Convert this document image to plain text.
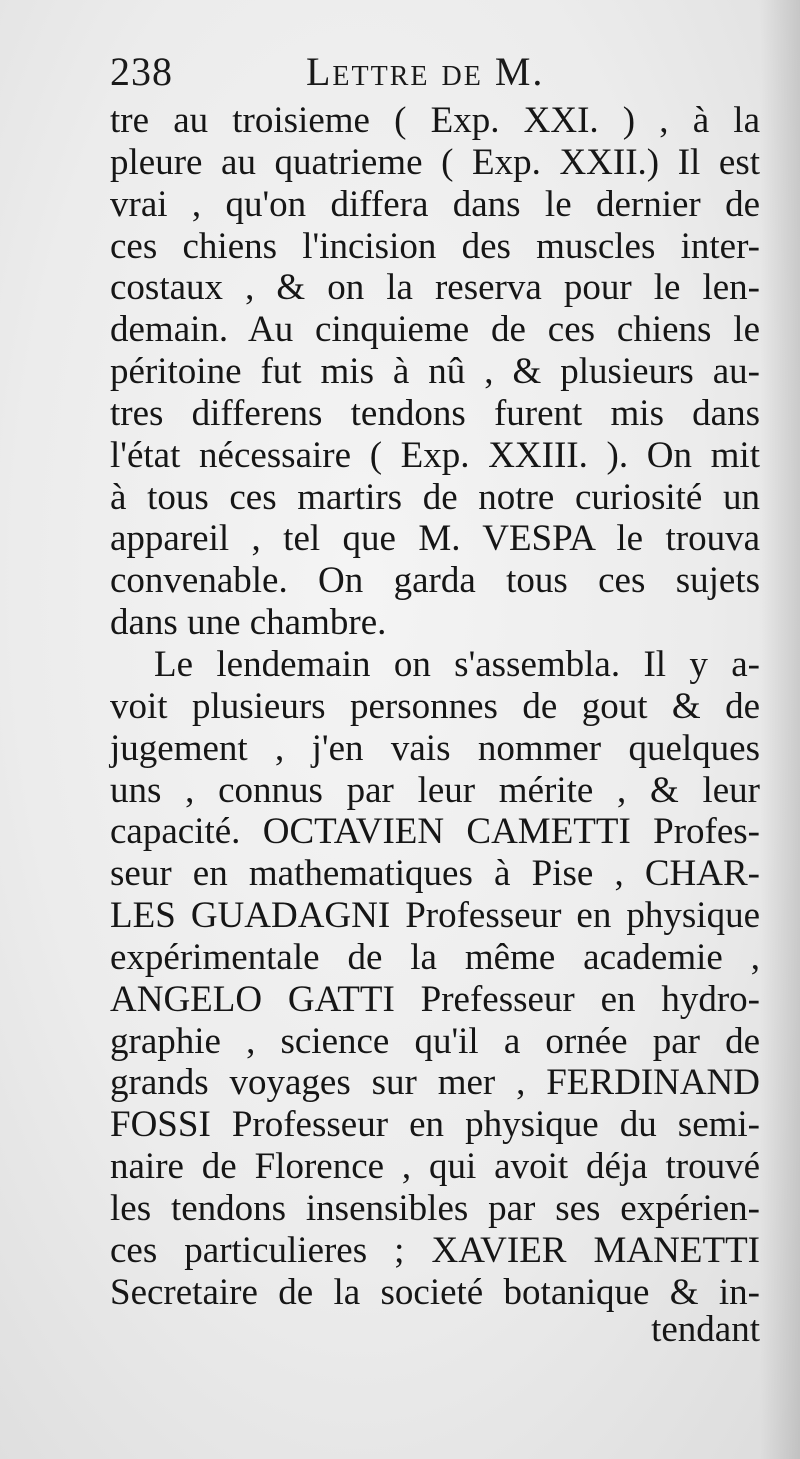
238	Lettre de M.
tre au troisieme ( Exp. XXI. ) , à la
pleure au quatrieme ( Exp. XXII.) Il est
vrai , qu'on differa dans le dernier de
ces chiens l'incision des muscles inter-
costaux , & on la reserva pour le len-
demain. Au cinquieme de ces chiens le
péritoine fut mis à nû , & plusieurs au-
tres differens tendons furent mis dans
l'état nécessaire ( Exp. XXIII. ). On mit
à tous ces martirs de notre curiosité un
appareil , tel que M. VESPA le trouva
convenable. On garda tous ces sujets
dans une chambre.
Le lendemain on s'assembla. Il y a-
voit plusieurs personnes de gout & de
jugement , j'en vais nommer quelques
uns , connus par leur mérite , & leur
capacité. OCTAVIEN CAMETTI Profes-
seur en mathematiques à Pise , CHAR-
LES GUADAGNI Professeur en physique
expérimentale de la même academie ,
ANGELO GATTI Prefesseur en hydro-
graphie , science qu'il a ornée par de
grands voyages sur mer , FERDINAND
FOSSI Professeur en physique du semi-
naire de Florence , qui avoit déja trouvé
les tendons insensibles par ses expérien-
ces particulieres ; XAVIER MANETTI
Secretaire de la societé botanique & in-
tendant
